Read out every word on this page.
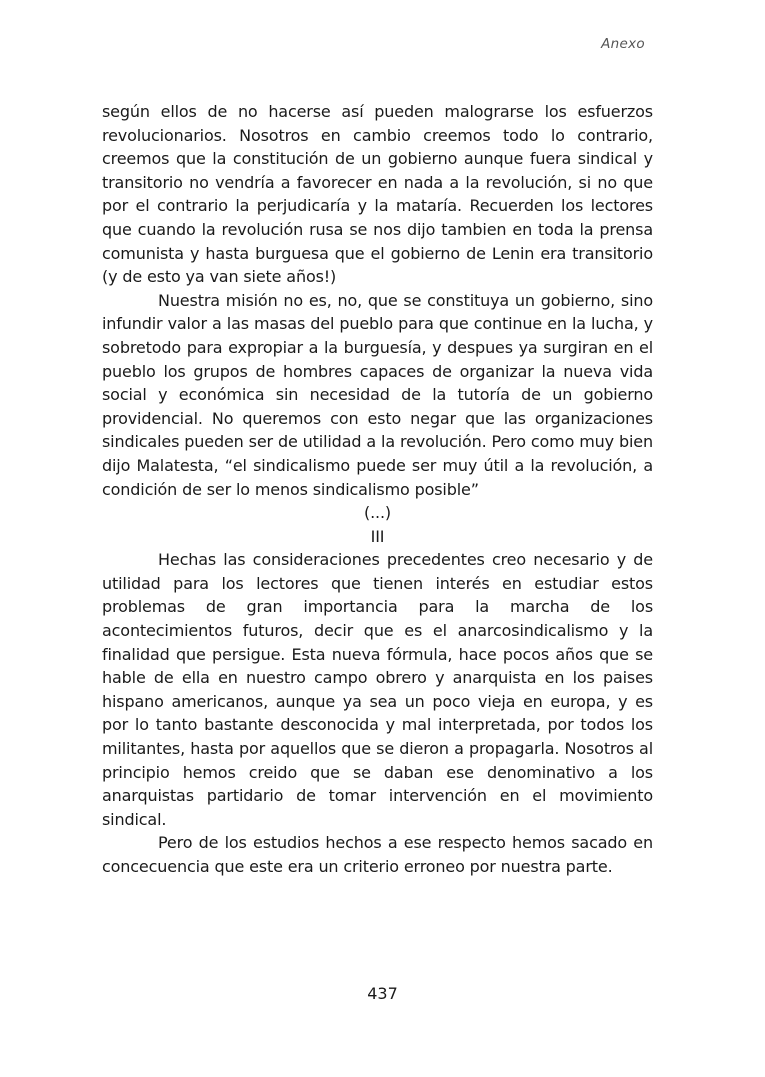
Anexo

según ellos de no hacerse así pueden malograrse los esfuerzos revolucionarios. Nosotros en cambio creemos todo lo contrario, creemos que la constitución de un gobierno aunque fuera sindical y transitorio no vendría a favorecer en nada a la revolución, si no que por el contrario la perjudicaría y la mataría. Recuerden los lectores que cuando la revolución rusa se nos dijo tambien en toda la prensa comunista y hasta burguesa que el gobierno de Lenin era transitorio (y de esto ya van siete años!)

Nuestra misión no es, no, que se constituya un gobierno, sino infundir valor a las masas del pueblo para que continue en la lucha, y sobretodo para expropiar a la burguesía, y despues ya surgiran en el pueblo los grupos de hombres capaces de organizar la nueva vida social y económica sin necesidad de la tutoría de un gobierno providencial. No queremos con esto negar que las organizaciones sindicales pueden ser de utilidad a la revolución. Pero como muy bien dijo Malatesta, “el sindicalismo puede ser muy útil a la revolución, a condición de ser lo menos sindicalismo posible”

(...)

III

Hechas las consideraciones precedentes creo necesario y de utilidad para los lectores que tienen interés en estudiar estos problemas de gran importancia para la marcha de los acontecimientos futuros, decir que es el anarcosindicalismo y la finalidad que persigue. Esta nueva fórmula, hace pocos años que se hable de ella en nuestro campo obrero y anarquista en los paises hispano americanos, aunque ya sea un poco vieja en europa, y es por lo tanto bastante desconocida y mal interpretada, por todos los militantes, hasta por aquellos que se dieron a propagarla. Nosotros al principio hemos creido que se daban ese denominativo a los anarquistas partidario de tomar intervención en el movimiento sindical.

Pero de los estudios hechos a ese respecto hemos sacado en concecuencia que este era un criterio erroneo por nuestra parte.

437
